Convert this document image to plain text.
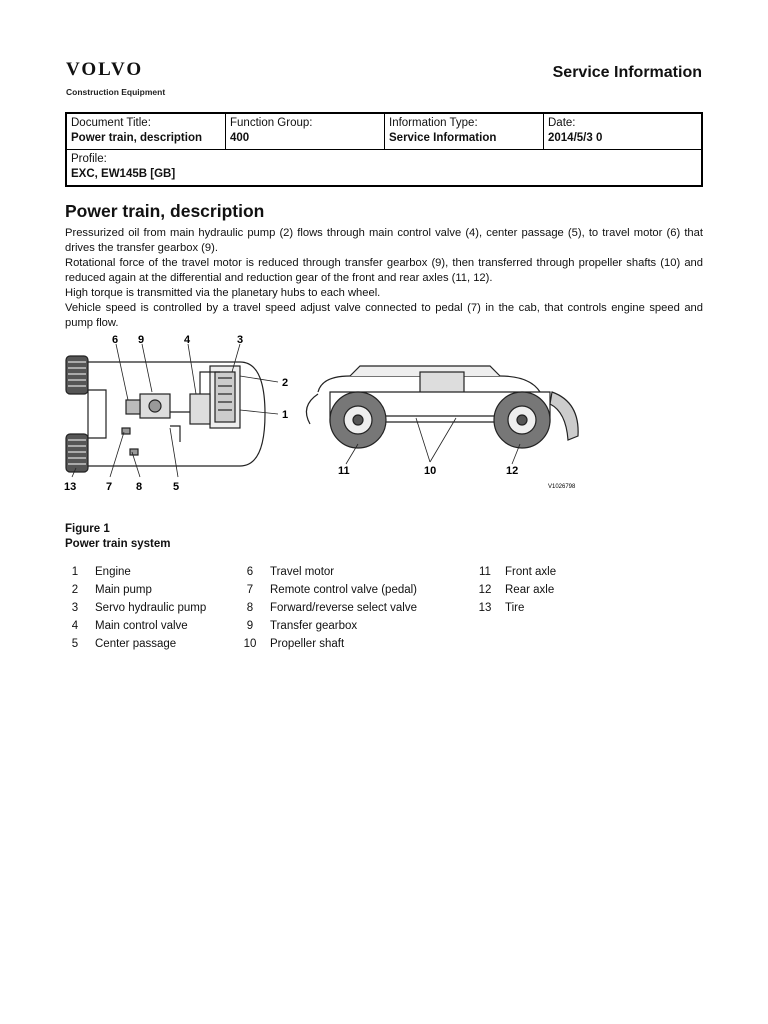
VOLVO
Construction Equipment
Service Information
Document Title:
Power train, description

Function Group:
400

Information Type:
Service Information

Date:
2014/5/3 0

Profile:
EXC, EW145B [GB]
Power train, description

Pressurized oil from main hydraulic pump (2) flows through main control valve (4), center passage (5), to travel motor (6) that drives the transfer gearbox (9).

Rotational force of the travel motor is reduced through transfer gearbox (9), then transferred through propeller shafts (10) and reduced again at the differential and reduction gear of the front and rear axles (11, 12).

High torque is transmitted via the planetary hubs to each wheel.

Vehicle speed is controlled by a travel speed adjust valve connected to pedal (7) in the cab, that controls engine speed and pump flow.

6 9	4	3
2
1
13	7 8	5
11	10	12
V1026798
Figure 1
Power train system
1	Engine
2	Main pump
3	Servo hydraulic pump
4	Main control valve
5	Center passage
6	Travel motor
7	Remote control valve (pedal)
8	Forward/reverse select valve
9	Transfer gearbox
10	Propeller shaft
11	Front axle
12	Rear axle
13	Tire
